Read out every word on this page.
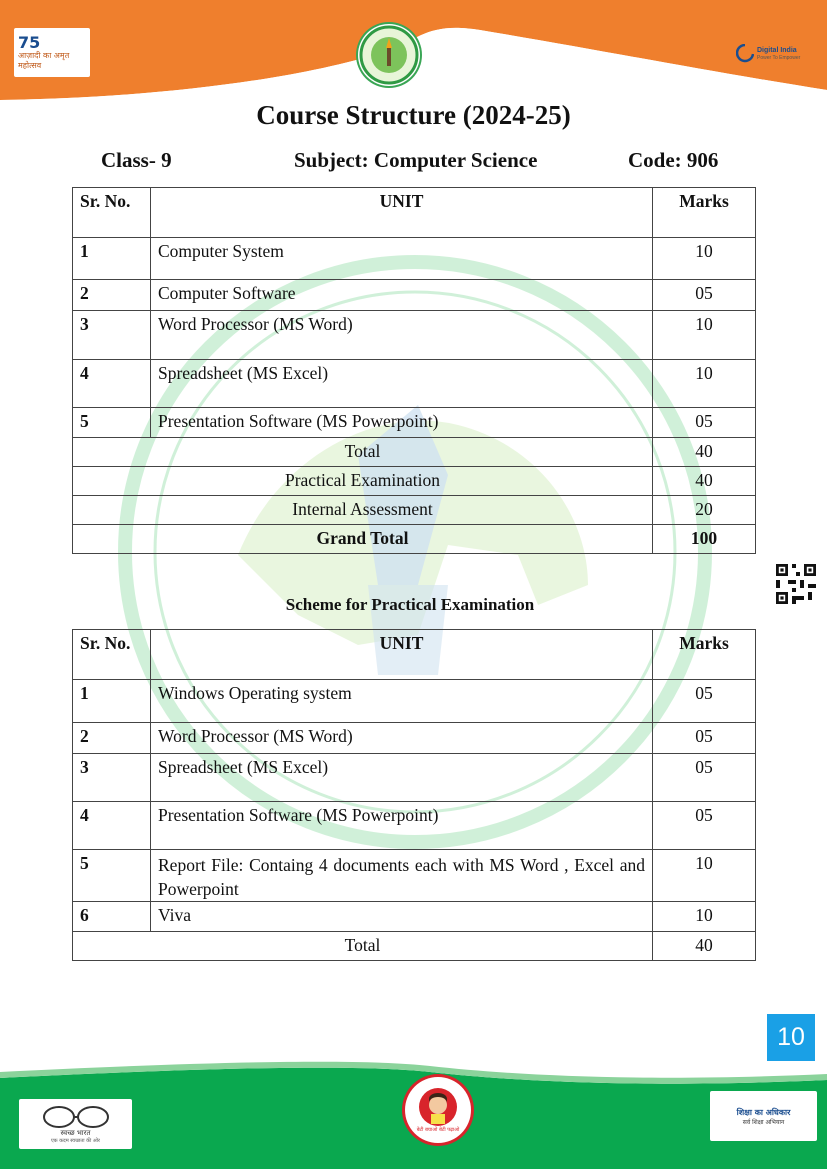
75
आज़ादी का अमृत महोत्सव
Digital India
Power To Empower
Course Structure (2024-25)
Class- 9	Subject: Computer Science	Code: 906
Sr. No.	UNIT	Marks
1	Computer System	10
2	Computer Software	05
3	Word Processor (MS Word)	10
4	Spreadsheet (MS Excel)	10
5	Presentation Software (MS Powerpoint)	05
Total		40
Practical Examination		40
Internal Assessment		20
Grand Total		100
Scheme for Practical Examination
Sr. No.	UNIT	Marks
1	Windows Operating system	05
2	Word Processor (MS Word)	05
3	Spreadsheet (MS Excel)	05
4	Presentation Software (MS Powerpoint)	05
5	Report File: Containg 4 documents each with MS Word , Excel and Powerpoint	10
6	Viva	10
Total		40
10
स्वच्छ भारत
एक कदम स्वच्छता की ओर
बेटी बचाओ बेटी पढ़ाओ
शिक्षा का अधिकार
सर्व शिक्षा अभियान
